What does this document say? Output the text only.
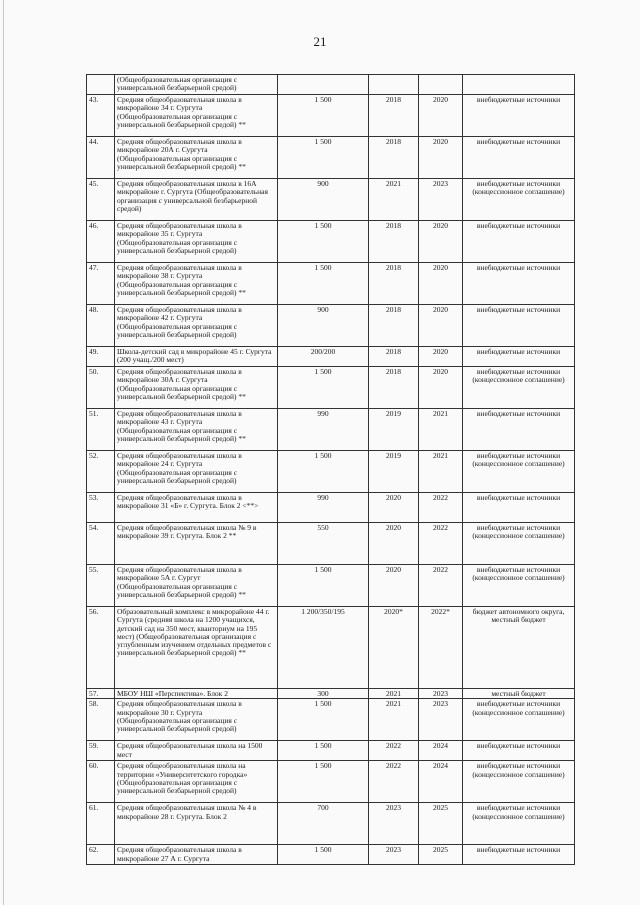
21
	(Общеобразовательная организация с универсальной безбарьерной средой)				
43.	Средняя общеобразовательная школа в микрорайоне 34 г. Сургута (Общеобразовательная организация с универсальной безбарьерной средой) **	1 500	2018	2020	внебюджетные источники
44.	Средняя общеобразовательная школа в микрорайоне 20А г. Сургута (Общеобразовательная организация с универсальной безбарьерной средой) **	1 500	2018	2020	внебюджетные источники
45.	Средняя общеобразовательная школа в 16А микрорайоне г. Сургута (Общеобразовательная организация с универсальной безбарьерной средой)	900	2021	2023	внебюджетные источники (концессионное соглашение)
46.	Средняя общеобразовательная школа в микрорайоне 35 г. Сургута (Общеобразовательная организация с универсальной безбарьерной средой)	1 500	2018	2020	внебюджетные источники
47.	Средняя общеобразовательная школа в микрорайоне 38 г. Сургута (Общеобразовательная организация с универсальной безбарьерной средой) **	1 500	2018	2020	внебюджетные источники
48.	Средняя общеобразовательная школа в микрорайоне 42 г. Сургута (Общеобразовательная организация с универсальной безбарьерной средой)	900	2018	2020	внебюджетные источники
49.	Школа-детский сад в микрорайоне 45 г. Сургута (200 учащ./200 мест)	200/200	2018	2020	внебюджетные источники
50.	Средняя общеобразовательная школа в микрорайоне 30А г. Сургута (Общеобразовательная организация с универсальной безбарьерной средой) **	1 500	2018	2020	внебюджетные источники (концессионное соглашение)
51.	Средняя общеобразовательная школа в микрорайоне 43 г. Сургута (Общеобразовательная организация с универсальной безбарьерной средой) **	990	2019	2021	внебюджетные источники
52.	Средняя общеобразовательная школа в микрорайоне 24 г. Сургута (Общеобразовательная организация с универсальной безбарьерной средой)	1 500	2019	2021	внебюджетные источники (концессионное соглашение)
53.	Средняя общеобразовательная школа в микрорайоне 31 «Б» г. Сургута. Блок 2 <**>	990	2020	2022	внебюджетные источники
54.	Средняя общеобразовательная школа № 9 в микрорайоне 39 г. Сургута. Блок 2 **	550	2020	2022	внебюджетные источники (концессионное соглашение)
55.	Средняя общеобразовательная школа в микрорайоне 5А г. Сургут (Общеобразовательная организация с универсальной безбарьерной средой) **	1 500	2020	2022	внебюджетные источники (концессионное соглашение)
56.	Образовательный комплекс в микрорайоне 44 г. Сургута (средняя школа на 1200 учащихся, детский сад на 350 мест, кванториум на 195 мест) (Общеобразовательная организация с углубленным изучением отдельных предметов с универсальной безбарьерной средой) **	1 200/350/195	2020*	2022*	бюджет автономного округа, местный бюджет
57.	МБОУ НШ «Перспектива». Блок 2	300	2021	2023	местный бюджет
58.	Средняя общеобразовательная школа в микрорайоне 30 г. Сургута (Общеобразовательная организация с универсальной безбарьерной средой)	1 500	2021	2023	внебюджетные источники (концессионное соглашение)
59.	Средняя общеобразовательная школа на 1500 мест	1 500	2022	2024	внебюджетные источники
60.	Средняя общеобразовательная школа на территории «Университетского городка» (Общеобразовательная организация с универсальной безбарьерной средой)	1 500	2022	2024	внебюджетные источники (концессионное соглашение)
61.	Средняя общеобразовательная школа № 4 в микрорайоне 28 г. Сургута. Блок 2	700	2023	2025	внебюджетные источники (концессионное соглашение)
62.	Средняя общеобразовательная школа в микрорайоне 27 А г. Сургута	1 500	2023	2025	внебюджетные источники
